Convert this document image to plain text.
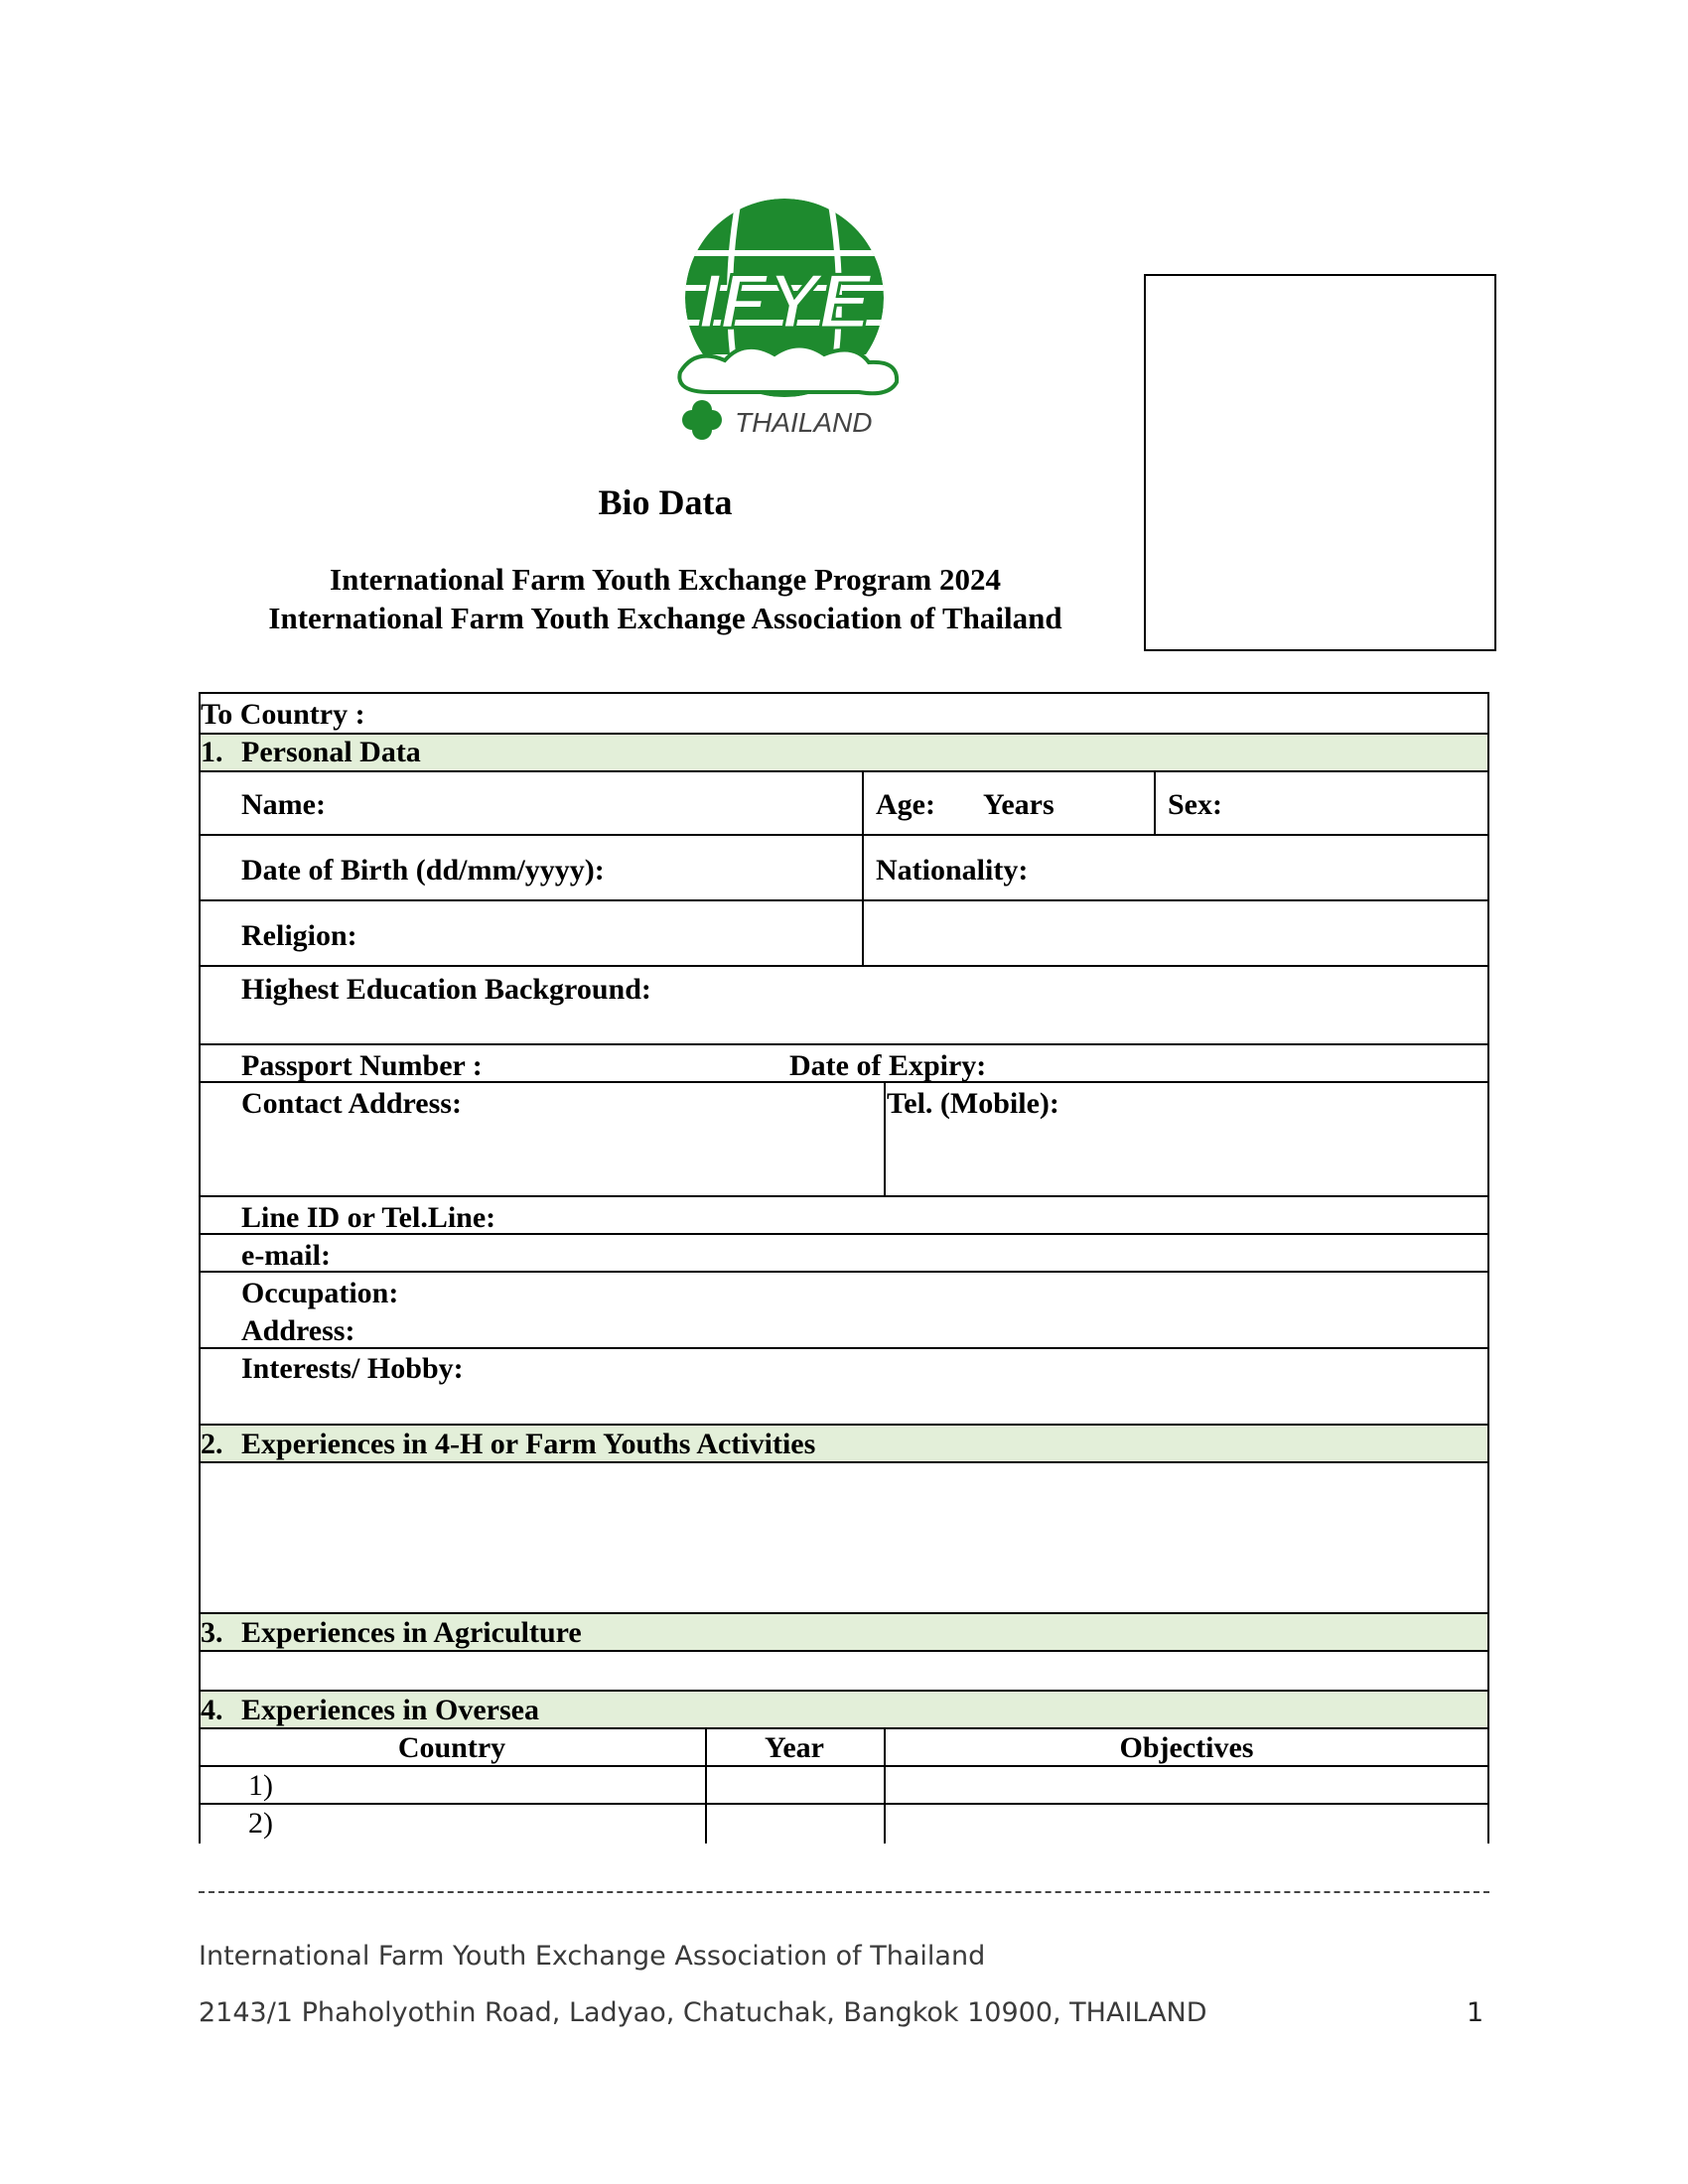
IFYE
THAILAND
Bio Data
International Farm Youth Exchange Program 2024
International Farm Youth Exchange Association of Thailand
To Country :
1. Personal Data
Name:	Age: Years	Sex:
Date of Birth (dd/mm/yyyy):	Nationality:
Religion:
Highest Education Background:
Passport Number :	Date of Expiry:
Contact Address:	Tel. (Mobile):
Line ID or Tel.Line:
e-mail:
Occupation:
Address:
Interests/ Hobby:
2. Experiences in 4-H or Farm Youths Activities
3. Experiences in Agriculture
4. Experiences in Oversea
Country	Year	Objectives
1)
2)
International Farm Youth Exchange Association of Thailand
2143/1 Phaholyothin Road, Ladyao, Chatuchak, Bangkok 10900, THAILAND	1
